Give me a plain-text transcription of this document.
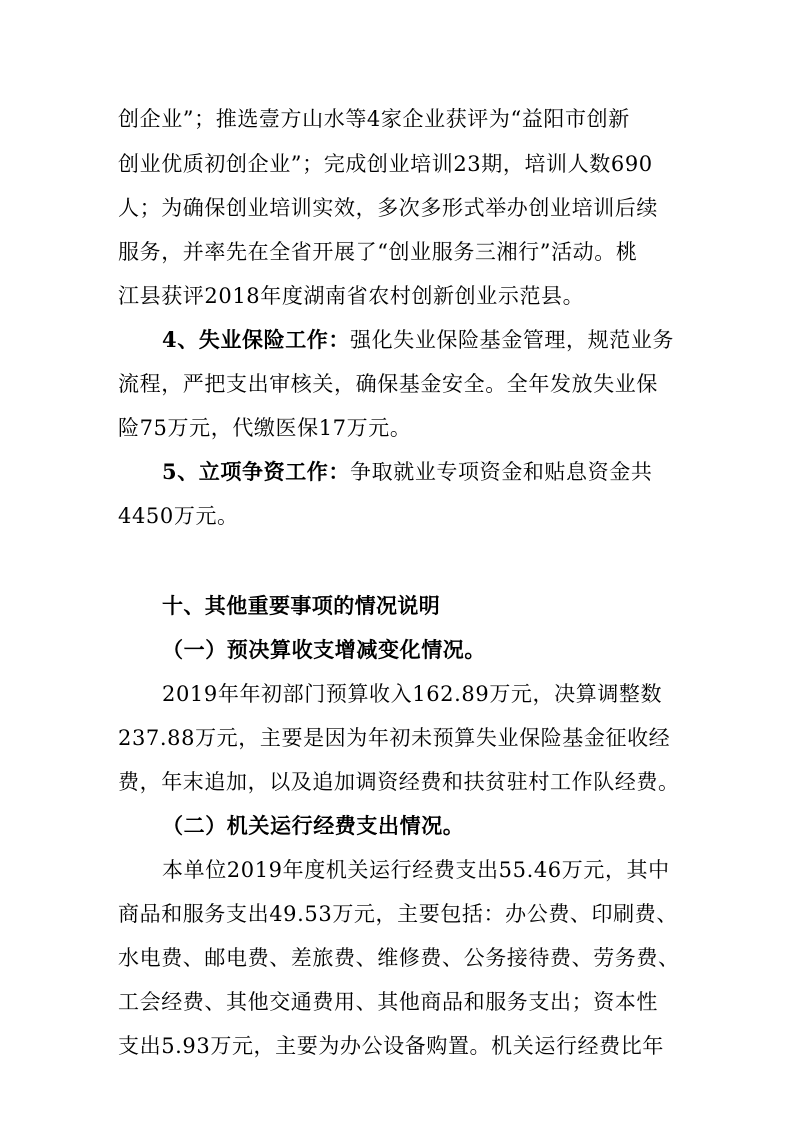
创企业”；推选壹方山水等4家企业获评为“益阳市创新
创业优质初创企业”；完成创业培训23期，培训人数690
人；为确保创业培训实效，多次多形式举办创业培训后续
服务，并率先在全省开展了“创业服务三湘行”活动。桃
江县获评2018年度湖南省农村创新创业示范县。
4、失业保险工作：强化失业保险基金管理，规范业务
流程，严把支出审核关，确保基金安全。全年发放失业保
险75万元，代缴医保17万元。
5、立项争资工作：争取就业专项资金和贴息资金共
4450万元。
十、其他重要事项的情况说明
（一）预决算收支增减变化情况。
2019年年初部门预算收入162.89万元，决算调整数
237.88万元，主要是因为年初未预算失业保险基金征收经
费，年末追加，以及追加调资经费和扶贫驻村工作队经费。
（二）机关运行经费支出情况。
本单位2019年度机关运行经费支出55.46万元，其中
商品和服务支出49.53万元，主要包括：办公费、印刷费、
水电费、邮电费、差旅费、维修费、公务接待费、劳务费、
工会经费、其他交通费用、其他商品和服务支出；资本性
支出5.93万元，主要为办公设备购置。机关运行经费比年
